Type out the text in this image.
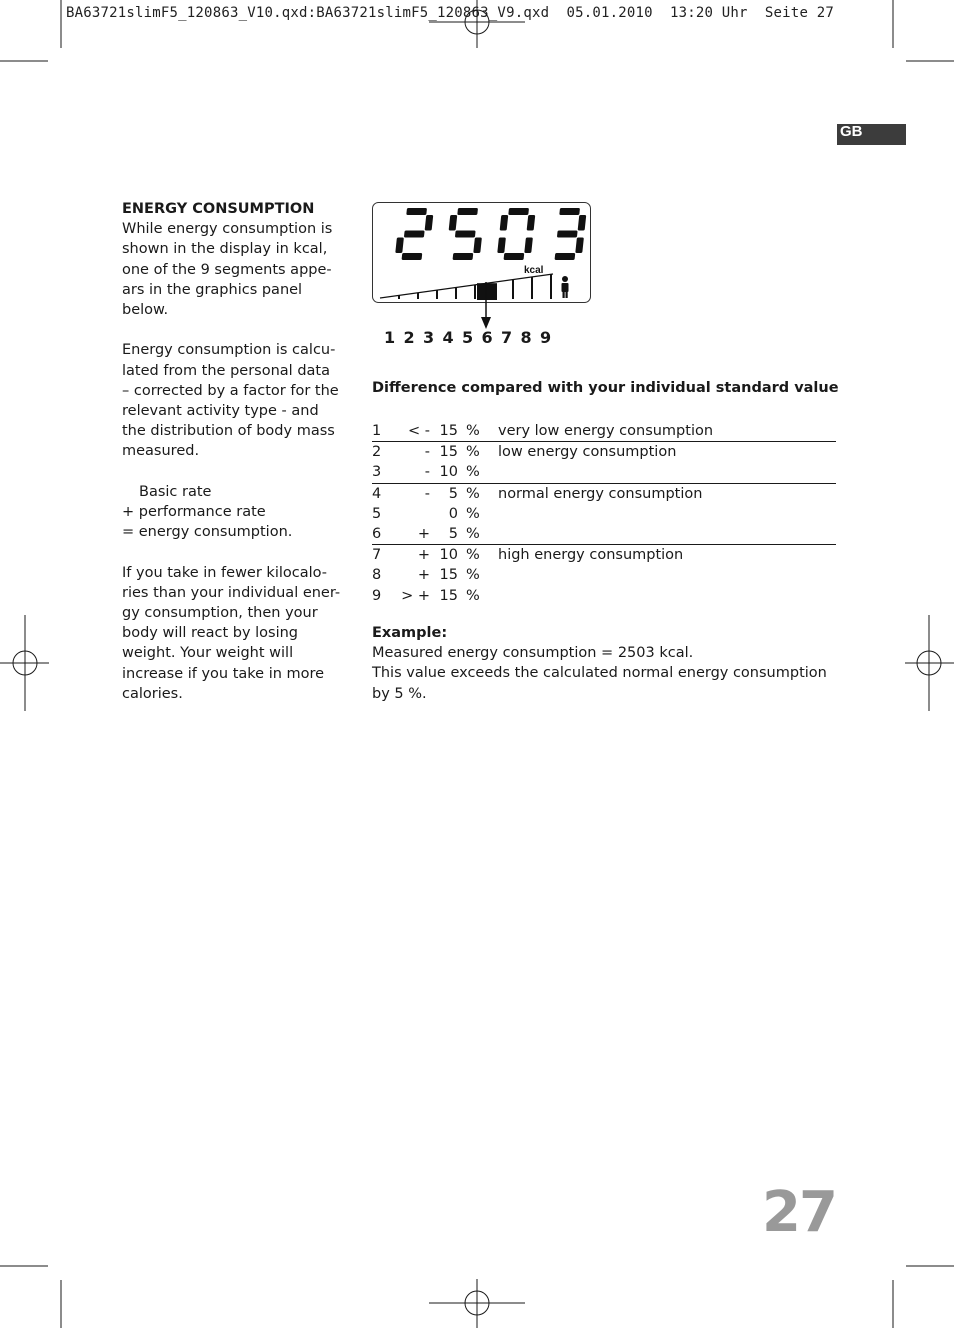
BA63721slimF5_120863_V10.qxd:BA63721slimF5_120863_V9.qxd  05.01.2010  13:20 Uhr  Seite 27
GB

ENERGY CONSUMPTION
While energy consumption is
shown in the display in kcal,
one of the 9 segments appe-
ars in the graphics panel
below.

Energy consumption is calcu-
lated from the personal data
– corrected by a factor for the
relevant activity type - and
the distribution of body mass
measured.

Basic rate
+ performance rate
= energy consumption.

If you take in fewer kilocalo-
ries than your individual ener-
gy consumption, then your
body will react by losing
weight. Your weight will
increase if you take in more
calories.

kcal
1 2 3 4 5 6 7 8 9
Difference compared with your individual standard value
1	< - 15 % very low energy consumption
2	- 15 % low energy consumption
3	- 10 %
4	-	5 % normal energy consumption
5	0 %
6	+	5 %
7	+ 10 % high energy consumption
8	+ 15 %
9	> + 15 %
Example:
Measured energy consumption = 2503 kcal.
This value exceeds the calculated normal energy consumption
by 5 %.
27
